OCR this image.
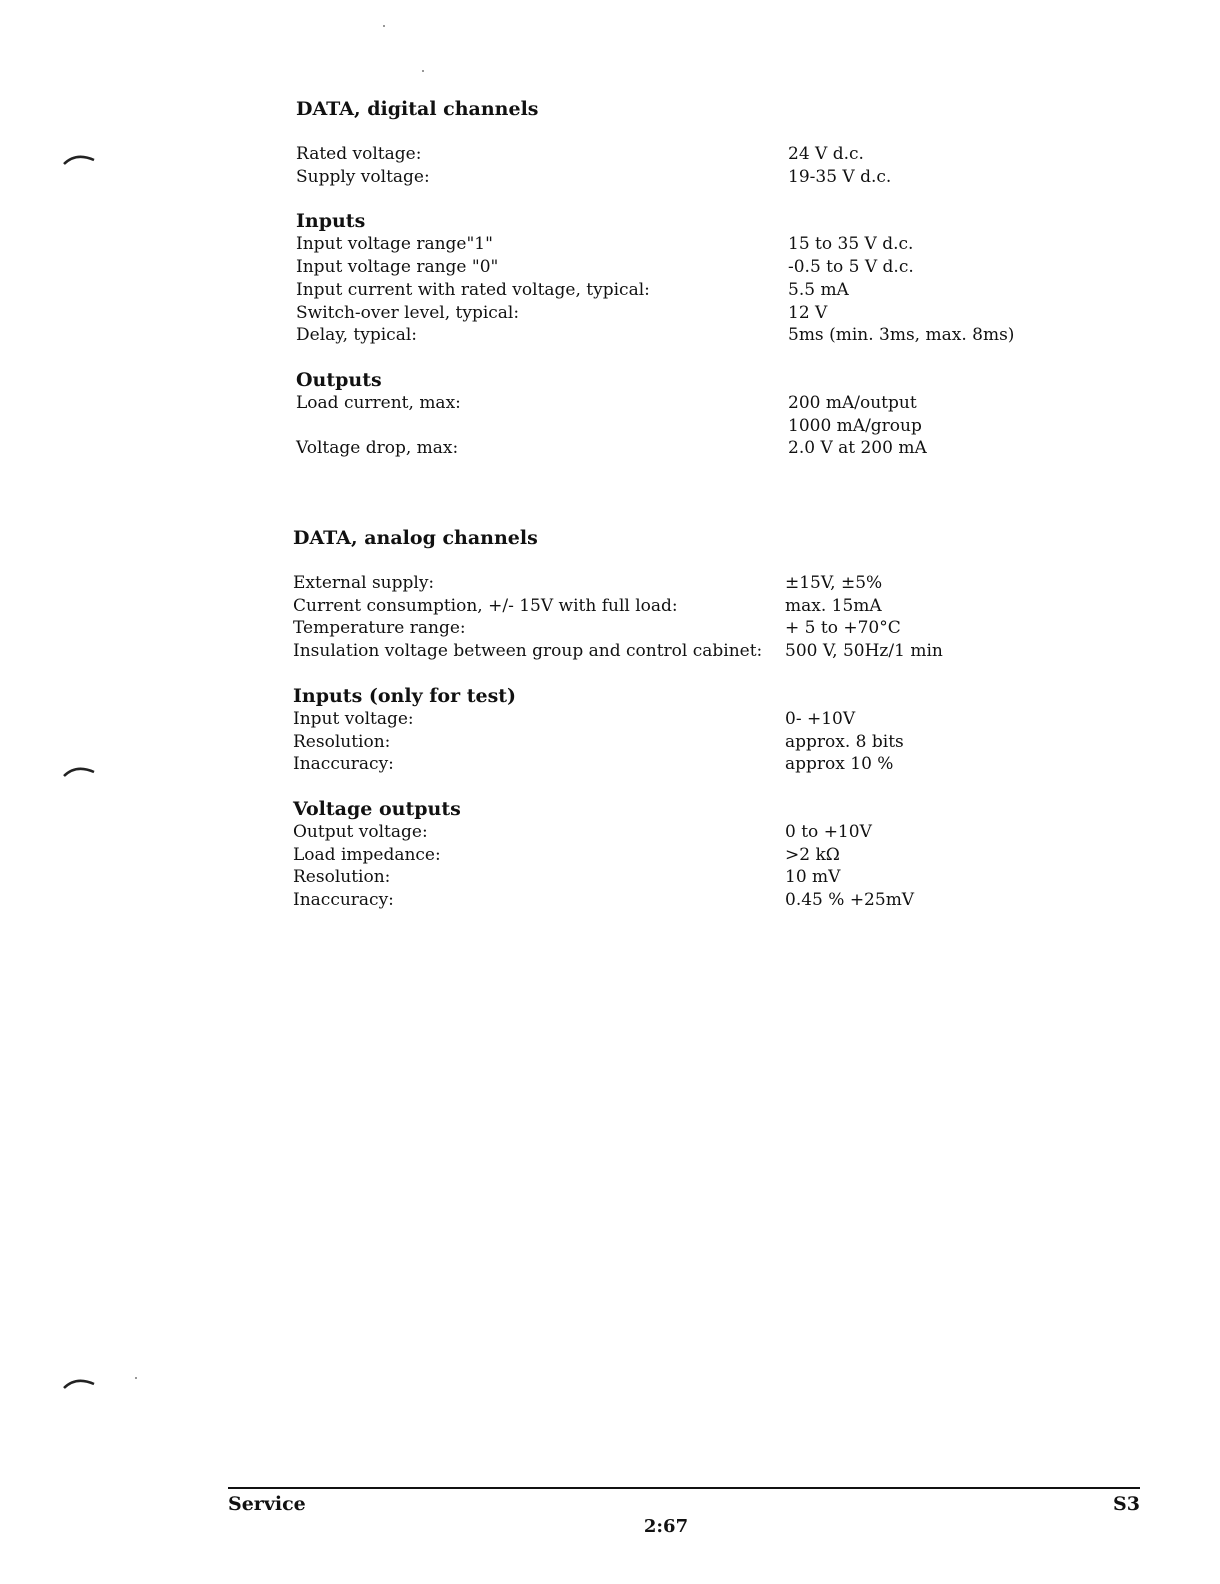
DATA, digital channels
Rated voltage:	24 V d.c.
Supply voltage:	19-35 V d.c.
Inputs
Input voltage range"1"	15 to 35 V d.c.
Input voltage range "0"	-0.5 to 5 V d.c.
Input current with rated voltage, typical:	5.5 mA
Switch-over level, typical:	12 V
Delay, typical:	5ms (min. 3ms, max. 8ms)
Outputs
Load current, max:	200 mA/output
1000 mA/group
Voltage drop, max:	2.0 V at 200 mA
DATA, analog channels
External supply:	±15V, ±5%
Current consumption, +/- 15V with full load:	max. 15mA
Temperature range:	+ 5 to +70°C
Insulation voltage between group and control cabinet:	500 V, 50Hz/1 min
Inputs (only for test)
Input voltage:	0- +10V
Resolution:	approx. 8 bits
Inaccuracy:	approx 10 %
Voltage outputs
Output voltage:	0 to +10V
Load impedance:	>2 kΩ
Resolution:	10 mV
Inaccuracy:	0.45 % +25mV
Service	S3
2:67
